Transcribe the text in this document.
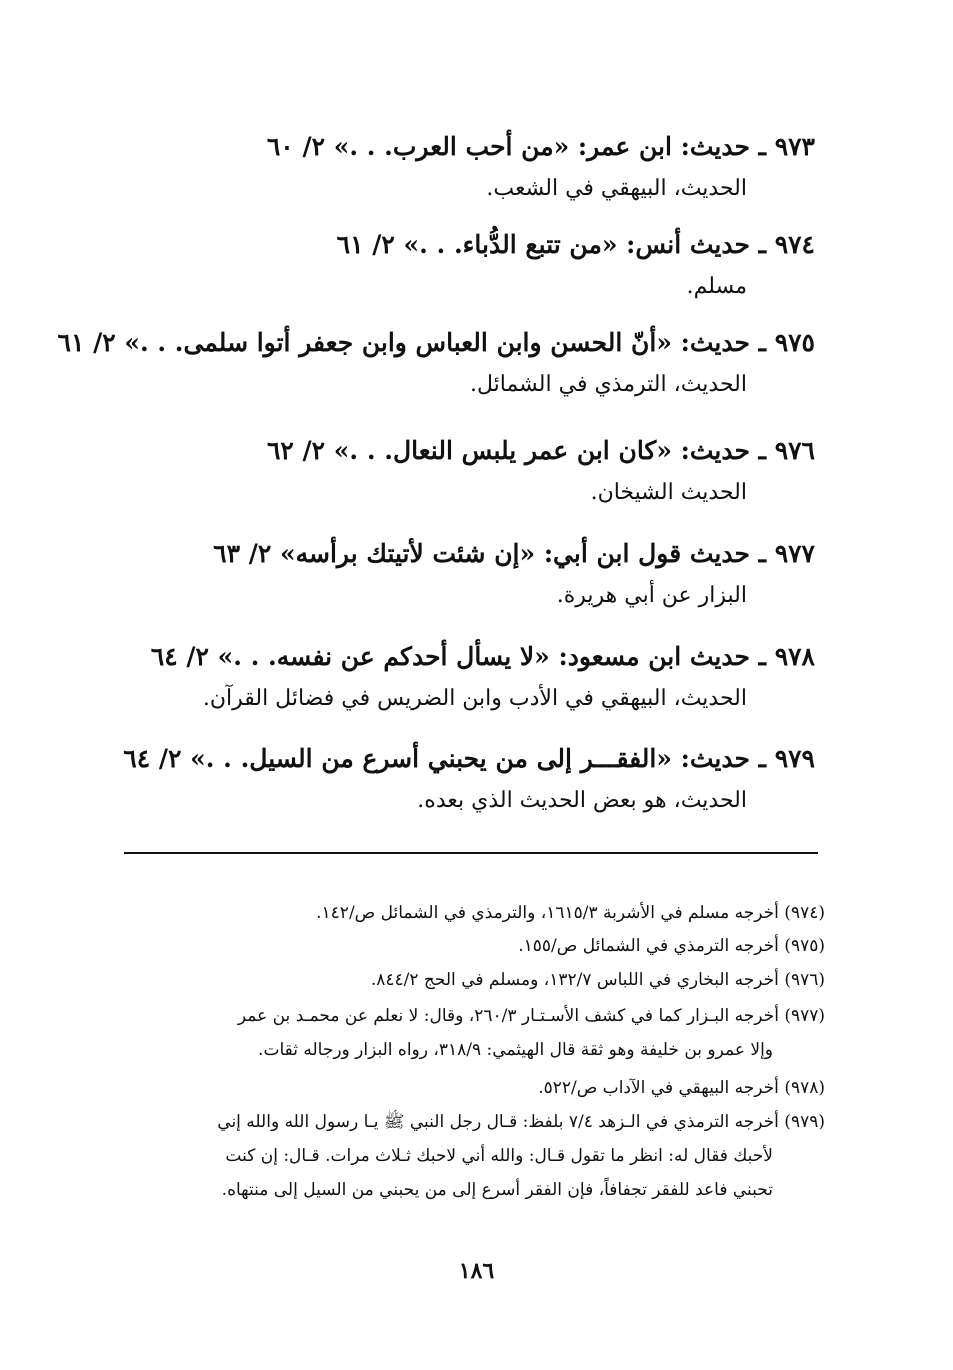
٩٧٣ ـ حديث: ابن عمر: «من أحب العرب. . .» ٢/ ٦٠
الحديث، البيهقي في الشعب.
٩٧٤ ـ حديث أنس: «من تتبع الدُّباء. . .» ٢/ ٦١
مسلم.
٩٧٥ ـ حديث: «أنّ الحسن وابن العباس وابن جعفر أتوا سلمى. . .» ٢/ ٦١
الحديث، الترمذي في الشمائل.
٩٧٦ ـ حديث: «كان ابن عمر يلبس النعال. . .» ٢/ ٦٢
الحديث الشيخان.
٩٧٧ ـ حديث قول ابن أبي: «إن شئت لأتيتك برأسه» ٢/ ٦٣
البزار عن أبي هريرة.
٩٧٨ ـ حديث ابن مسعود: «لا يسأل أحدكم عن نفسه. . .» ٢/ ٦٤
الحديث، البيهقي في الأدب وابن الضريس في فضائل القرآن.
٩٧٩ ـ حديث: «الفقـــر إلى من يحبني أسرع من السيل. . .» ٢/ ٦٤
الحديث، هو بعض الحديث الذي بعده.
(٩٧٤) أخرجه مسلم في الأشربة ١٦١٥/٣، والترمذي في الشمائل ص/١٤٢.
(٩٧٥) أخرجه الترمذي في الشمائل ص/١٥٥.
(٩٧٦) أخرجه البخاري في اللباس ١٣٢/٧، ومسلم في الحج ٨٤٤/٢.
(٩٧٧) أخرجه البـزار كما في كشف الأسـتـار ٢٦٠/٣، وقال: لا نعلم عن محمـد بن عمر
وإلا عمرو بن خليفة وهو ثقة قال الهيثمي: ٣١٨/٩، رواه البزار ورجاله ثقات.
(٩٧٨) أخرجه البيهقي في الآداب ص/٥٢٢.
(٩٧٩) أخرجه الترمذي في الـزهد ٧/٤ بلفظ: قـال رجل النبي ﷺ يـا رسول الله والله إني
لأحبك فقال له: انظر ما تقول قـال: والله أني لاحبك ثـلاث مرات. قـال: إن كنت
تحبني فاعد للفقر تجفافاً، فإن الفقر أسرع إلى من يحبني من السيل إلى منتهاه.
١٨٦
